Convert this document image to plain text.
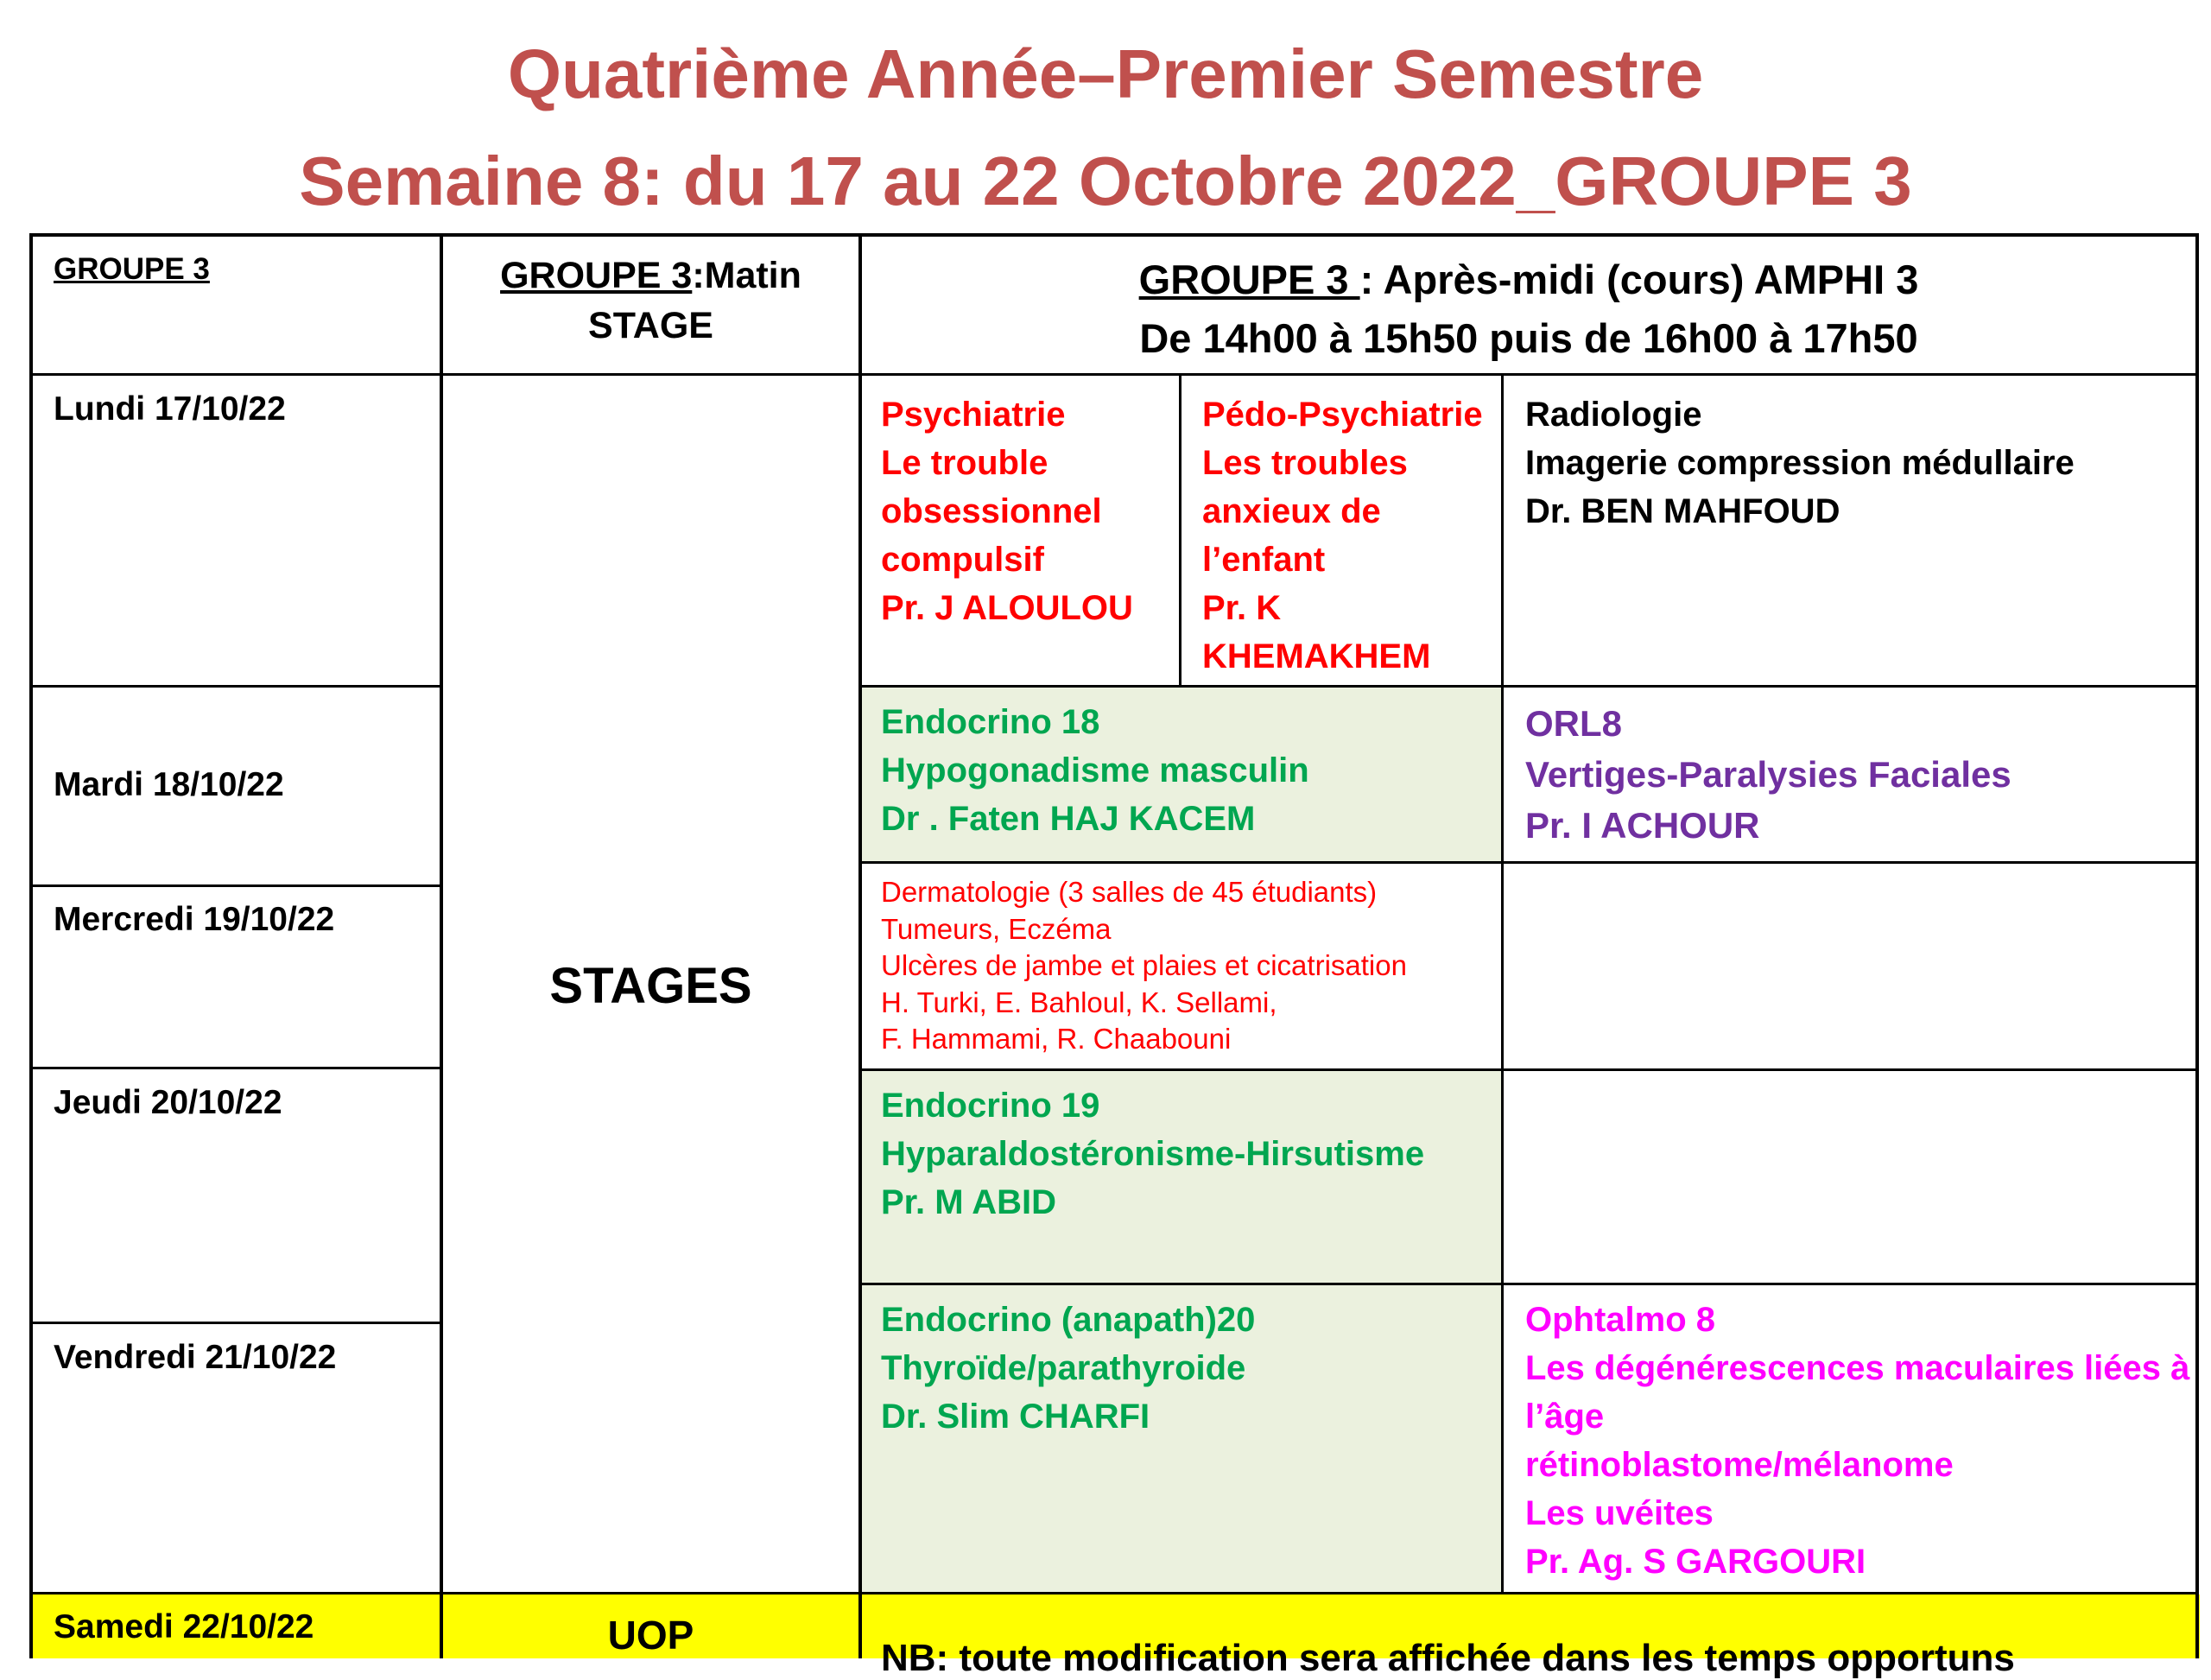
Quatrième Année–Premier Semestre
Semaine 8: du 17 au 22 Octobre 2022_GROUPE 3
GROUPE 3	GROUPE 3:Matin
STAGE
GROUPE 3 : Après-midi (cours) AMPHI 3
De 14h00 à 15h50 puis de 16h00 à 17h50
Lundi 17/10/22
Mardi 18/10/22
Mercredi 19/10/22
Jeudi 20/10/22
Vendredi 21/10/22
Samedi 22/10/22
STAGES
UOP
NB: toute modification sera affichée dans les temps opportuns
Psychiatrie
Le trouble
obsessionnel
compulsif
Pr. J ALOULOU
Pédo-Psychiatrie
Les troubles
anxieux de
l’enfant
Pr. K
KHEMAKHEM
Radiologie
Imagerie compression médullaire
Dr. BEN MAHFOUD
Endocrino 18
Hypogonadisme masculin
Dr . Faten HAJ KACEM
ORL8
Vertiges-Paralysies Faciales
Pr. I ACHOUR
Dermatologie (3 salles de 45 étudiants)
Tumeurs, Eczéma
Ulcères de jambe et plaies et cicatrisation
H. Turki, E. Bahloul, K. Sellami,
F. Hammami, R. Chaabouni
Endocrino 19
Hyparaldostéronisme-Hirsutisme
Pr. M ABID
Endocrino (anapath)20
Thyroïde/parathyroide
Dr. Slim CHARFI
Ophtalmo 8
Les dégénérescences maculaires liées à
l’âge
rétinoblastome/mélanome
Les uvéites
Pr. Ag. S GARGOURI
